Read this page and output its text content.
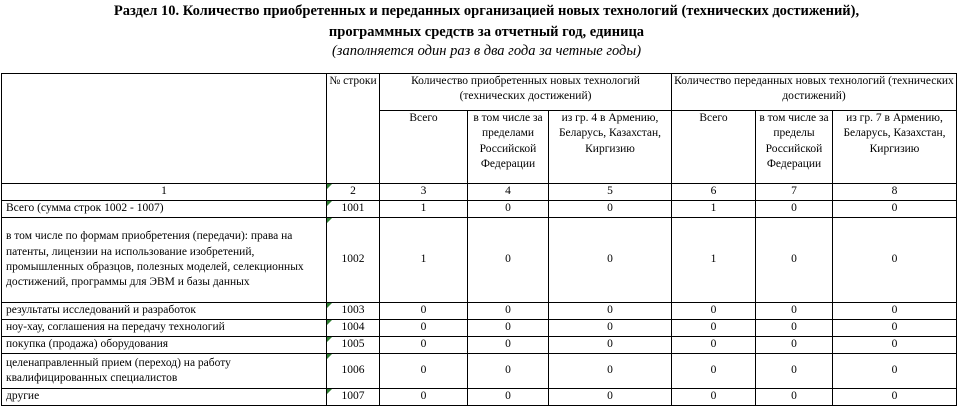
Раздел 10. Количество приобретенных и переданных организацией новых технологий (технических достижений),

программных средств за отчетный год, единица

(заполняется один раз в два года за четные годы)

	№ строки	Количество приобретенных новых технологий (технических достижений)			Количество переданных новых технологий (технических достижений)		
		Всего	в том числе за пределами Российской Федерации	из гр. 4 в Армению, Беларусь, Казахстан, Киргизию	Всего	в том числе за пределы Российской Федерации	из гр. 7 в Армению, Беларусь, Казахстан, Киргизию
1	2	3	4	5	6	7	8
Всего (сумма строк 1002 - 1007)	1001	1	0	0	1	0	0
в том числе по формам приобретения (передачи): права на патенты, лицензии на использование изобретений, промышленных образцов, полезных моделей, селекционных достижений, программы для ЭВМ и базы данных	1002	1	0	0	1	0	0
результаты исследований и разработок	1003	0	0	0	0	0	0
ноу-хау, соглашения на передачу технологий	1004	0	0	0	0	0	0
покупка (продажа) оборудования	1005	0	0	0	0	0	0
целенаправленный прием (переход) на работу квалифицированных специалистов	1006	0	0	0	0	0	0
другие	1007	0	0	0	0	0	0
